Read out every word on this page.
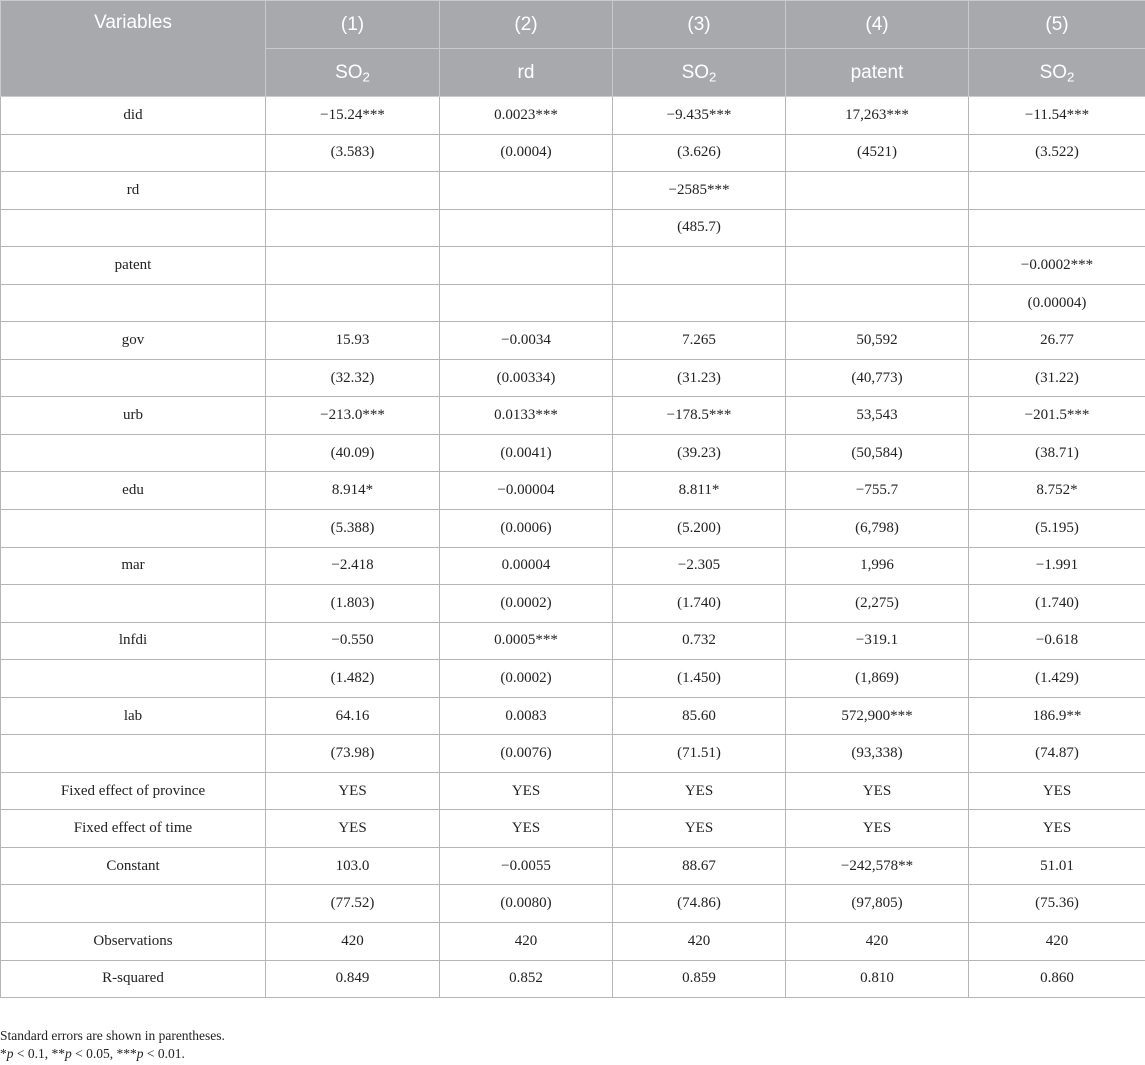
Variables	(1)	(2)	(3)	(4)	(5)
	$SO_2$	rd	$SO_2$	patent	$SO_2$
did	−15.24***	0.0023***	−9.435***	17,263***	−11.54***
	(3.583)	(0.0004)	(3.626)	(4521)	(3.522)
rd			−2585***		
			(485.7)		
patent					−0.0002***
					(0.00004)
gov	15.93	−0.0034	7.265	50,592	26.77
	(32.32)	(0.00334)	(31.23)	(40,773)	(31.22)
urb	−213.0***	0.0133***	−178.5***	53,543	−201.5***
	(40.09)	(0.0041)	(39.23)	(50,584)	(38.71)
edu	8.914*	−0.00004	8.811*	−755.7	8.752*
	(5.388)	(0.0006)	(5.200)	(6,798)	(5.195)
mar	−2.418	0.00004	−2.305	1,996	−1.991
	(1.803)	(0.0002)	(1.740)	(2,275)	(1.740)
lnfdi	−0.550	0.0005***	0.732	−319.1	−0.618
	(1.482)	(0.0002)	(1.450)	(1,869)	(1.429)
lab	64.16	0.0083	85.60	572,900***	186.9**
	(73.98)	(0.0076)	(71.51)	(93,338)	(74.87)
Fixed effect of province	YES	YES	YES	YES	YES
Fixed effect of time	YES	YES	YES	YES	YES
Constant	103.0	−0.0055	88.67	−242,578**	51.01
	(77.52)	(0.0080)	(74.86)	(97,805)	(75.36)
Observations	420	420	420	420	420
R-squared	0.849	0.852	0.859	0.810	0.860
Standard errors are shown in parentheses.
*p < 0.1, **p < 0.05, ***p < 0.01.
